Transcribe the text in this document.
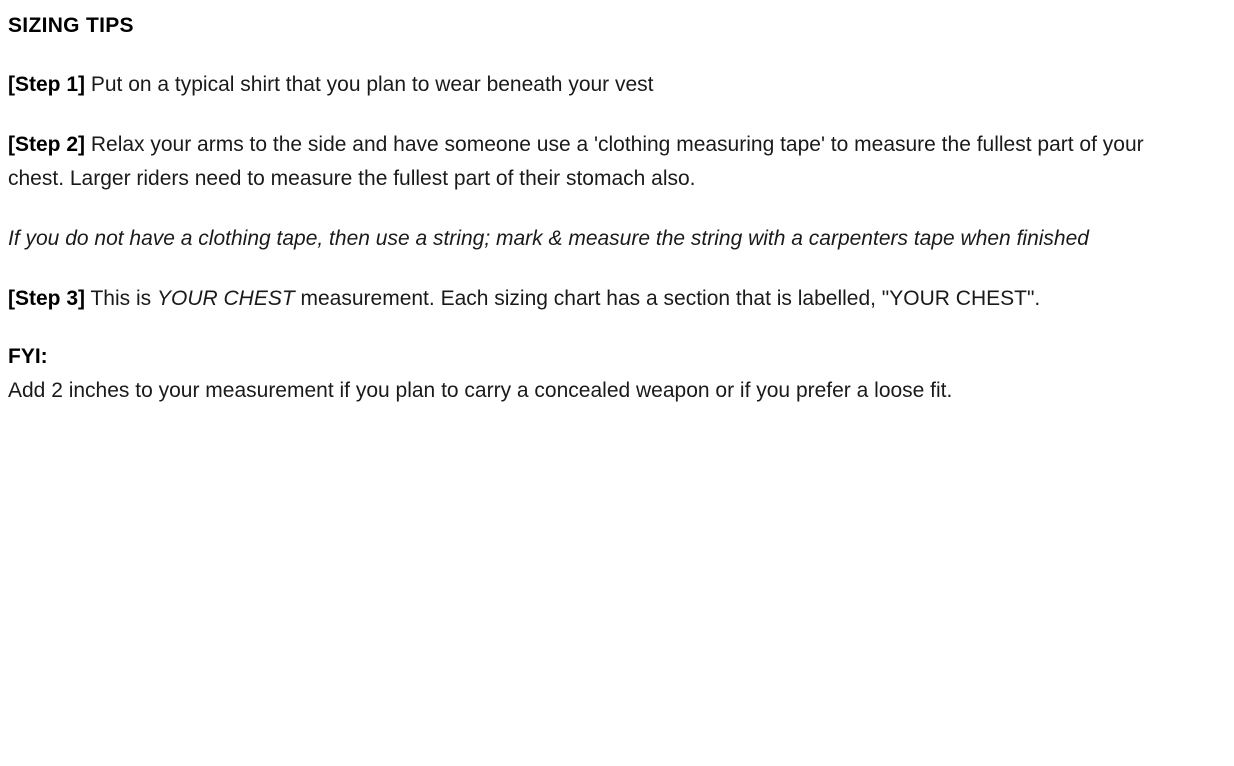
SIZING TIPS

[Step 1] Put on a typical shirt that you plan to wear beneath your vest

[Step 2] Relax your arms to the side and have someone use a 'clothing measuring tape' to measure the fullest part of your chest. Larger riders need to measure the fullest part of their stomach also.

If you do not have a clothing tape, then use a string; mark & measure the string with a carpenters tape when finished

[Step 3] This is YOUR CHEST measurement. Each sizing chart has a section that is labelled, "YOUR CHEST".

FYI:

Add 2 inches to your measurement if you plan to carry a concealed weapon or if you prefer a loose fit.
